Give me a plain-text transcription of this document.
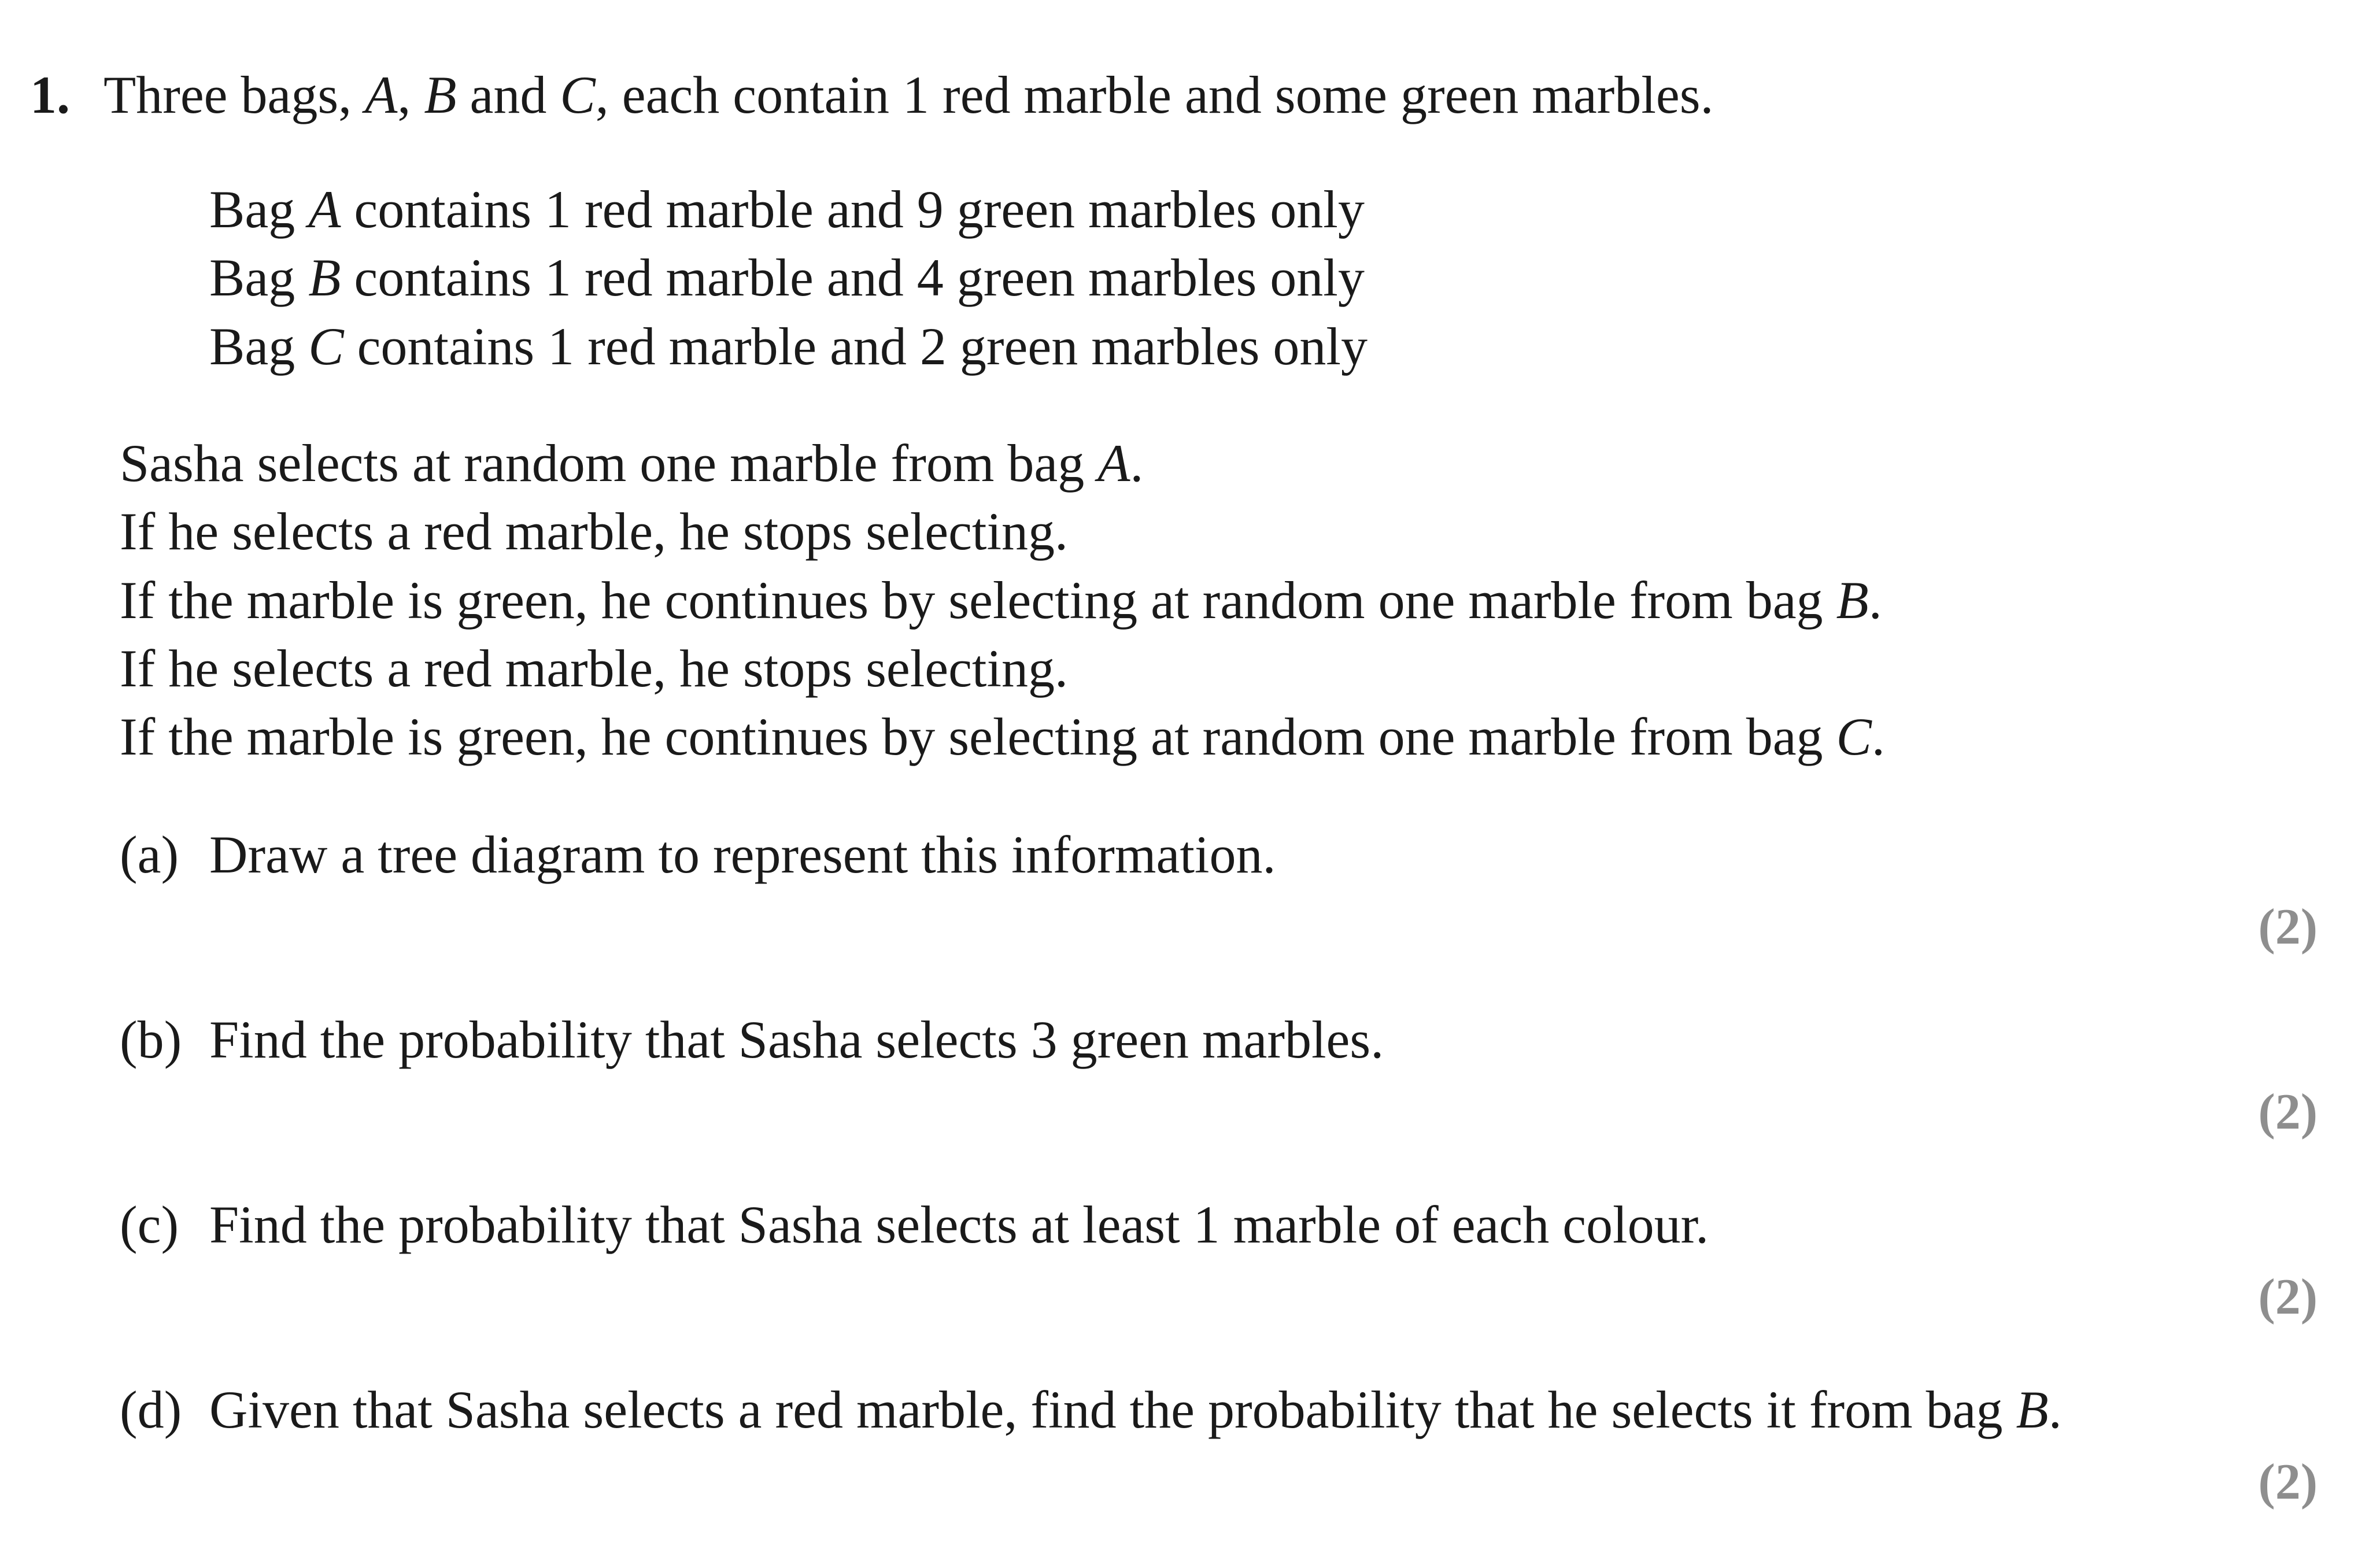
1. Three bags, A, B and C, each contain 1 red marble and some green marbles.
Bag A contains 1 red marble and 9 green marbles only
Bag B contains 1 red marble and 4 green marbles only
Bag C contains 1 red marble and 2 green marbles only
Sasha selects at random one marble from bag A.
If he selects a red marble, he stops selecting.
If the marble is green, he continues by selecting at random one marble from bag B.
If he selects a red marble, he stops selecting.
If the marble is green, he continues by selecting at random one marble from bag C.
(a) Draw a tree diagram to represent this information.
(2)
(b) Find the probability that Sasha selects 3 green marbles.
(2)
(c) Find the probability that Sasha selects at least 1 marble of each colour.
(2)
(d) Given that Sasha selects a red marble, find the probability that he selects it from bag B.
(2)
